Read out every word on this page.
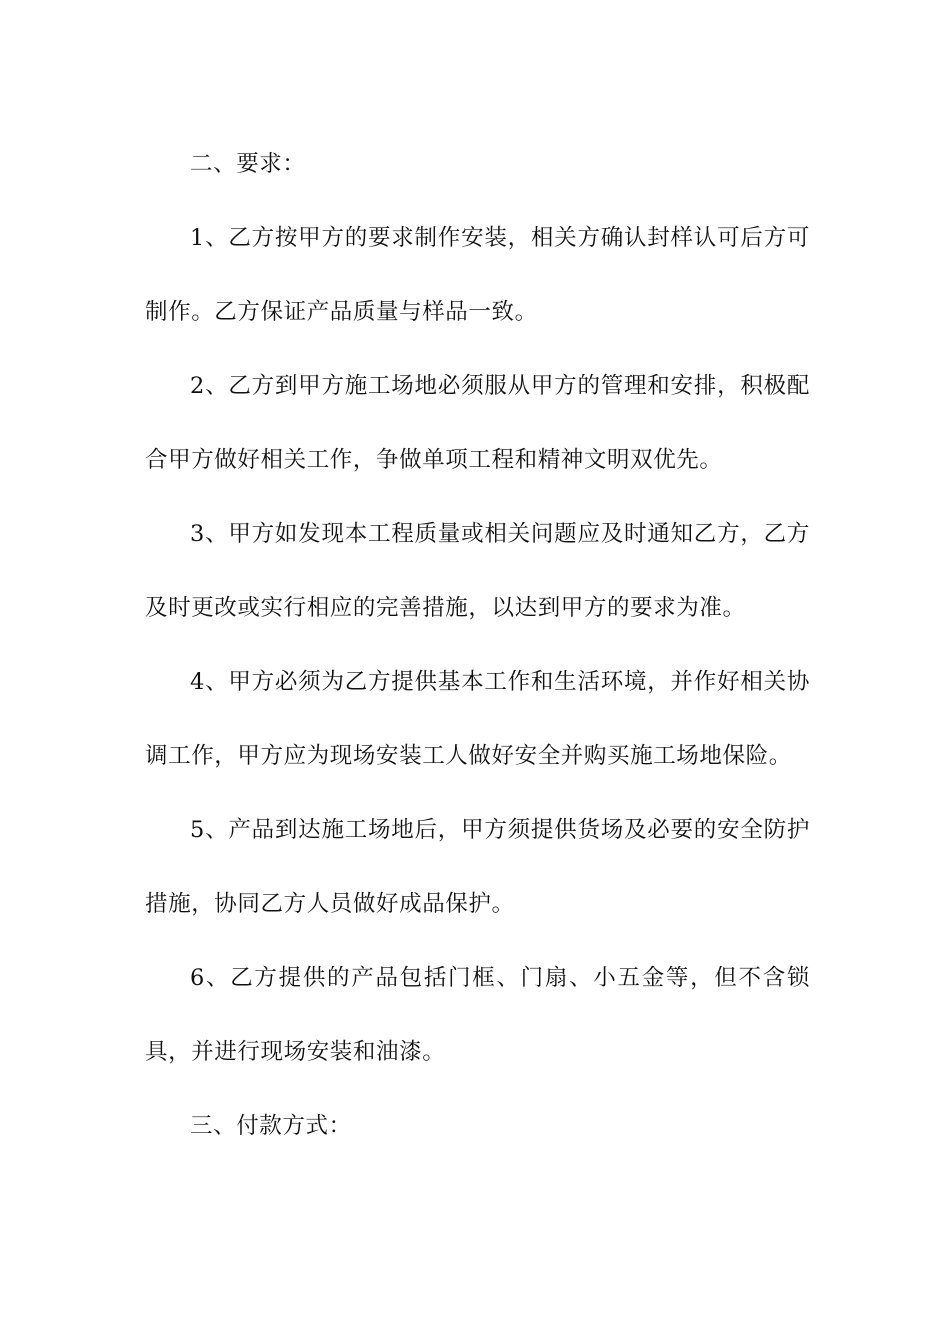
二、要求：

1、乙方按甲方的要求制作安装，相关方确认封样认可后方可制作。乙方保证产品质量与样品一致。

2、乙方到甲方施工场地必须服从甲方的管理和安排，积极配合甲方做好相关工作，争做单项工程和精神文明双优先。

3、甲方如发现本工程质量或相关问题应及时通知乙方，乙方及时更改或实行相应的完善措施，以达到甲方的要求为准。

4、甲方必须为乙方提供基本工作和生活环境，并作好相关协调工作，甲方应为现场安装工人做好安全并购买施工场地保险。

5、产品到达施工场地后，甲方须提供货场及必要的安全防护措施，协同乙方人员做好成品保护。

6、乙方提供的产品包括门框、门扇、小五金等，但不含锁具，并进行现场安装和油漆。

三、付款方式：
